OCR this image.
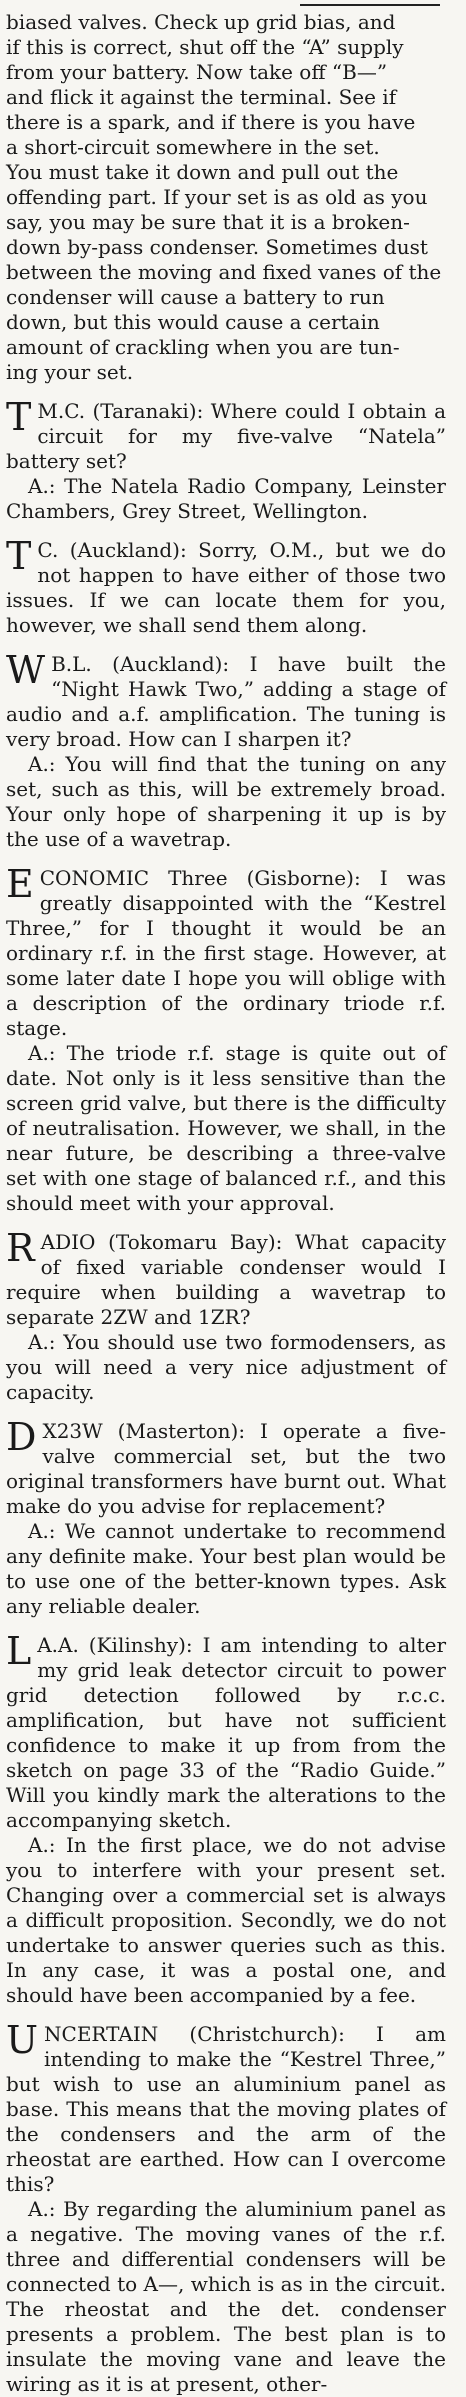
biased valves. Check up grid bias, and
if this is correct, shut off the “A” supply
from your battery. Now take off “B—”
and flick it against the terminal. See if
there is a spark, and if there is you have
a short-circuit somewhere in the set.
You must take it down and pull out the
offending part. If your set is as old as you
say, you may be sure that it is a broken-
down by-pass condenser. Sometimes dust
between the moving and fixed vanes of the
condenser will cause a battery to run
down, but this would cause a certain
amount of crackling when you are tun-
ing your set.

T M.C. (Taranaki): Where could I obtain a circuit for my five-valve “Natela” battery set?

A.: The Natela Radio Company, Leinster Chambers, Grey Street, Wellington.

T C. (Auckland): Sorry, O.M., but we do not happen to have either of those two issues. If we can locate them for you, however, we shall send them along.

W B.L. (Auckland): I have built the “Night Hawk Two,” adding a stage of audio and a.f. amplification. The tuning is very broad. How can I sharpen it?

A.: You will find that the tuning on any set, such as this, will be extremely broad. Your only hope of sharpening it up is by the use of a wavetrap.

E CONOMIC Three (Gisborne): I was greatly disappointed with the “Kestrel Three,” for I thought it would be an ordinary r.f. in the first stage. However, at some later date I hope you will oblige with a description of the ordinary triode r.f. stage.

A.: The triode r.f. stage is quite out of date. Not only is it less sensitive than the screen grid valve, but there is the difficulty of neutralisation. However, we shall, in the near future, be describing a three-valve set with one stage of balanced r.f., and this should meet with your approval.

R ADIO (Tokomaru Bay): What capacity of fixed variable condenser would I require when building a wavetrap to separate 2ZW and 1ZR?

A.: You should use two formodensers, as you will need a very nice adjustment of capacity.

D X23W (Masterton): I operate a five-valve commercial set, but the two original transformers have burnt out. What make do you advise for replacement?

A.: We cannot undertake to recommend any definite make. Your best plan would be to use one of the better-known types. Ask any reliable dealer.

L A.A. (Kilinshy): I am intending to alter my grid leak detector circuit to power grid detection followed by r.c.c. amplification, but have not sufficient confidence to make it up from from the sketch on page 33 of the “Radio Guide.” Will you kindly mark the alterations to the accompanying sketch.

A.: In the first place, we do not advise you to interfere with your present set. Changing over a commercial set is always a difficult proposition. Secondly, we do not undertake to answer queries such as this. In any case, it was a postal one, and should have been accompanied by a fee.

U NCERTAIN (Christchurch): I am intending to make the “Kestrel Three,” but wish to use an aluminium panel as base. This means that the moving plates of the condensers and the arm of the rheostat are earthed. How can I overcome this?

A.: By regarding the aluminium panel as a negative. The moving vanes of the r.f. three and differential condensers will be connected to A—, which is as in the circuit. The rheostat and the det. condenser presents a problem. The best plan is to insulate the moving vane and leave the wiring as it is at present, other-
